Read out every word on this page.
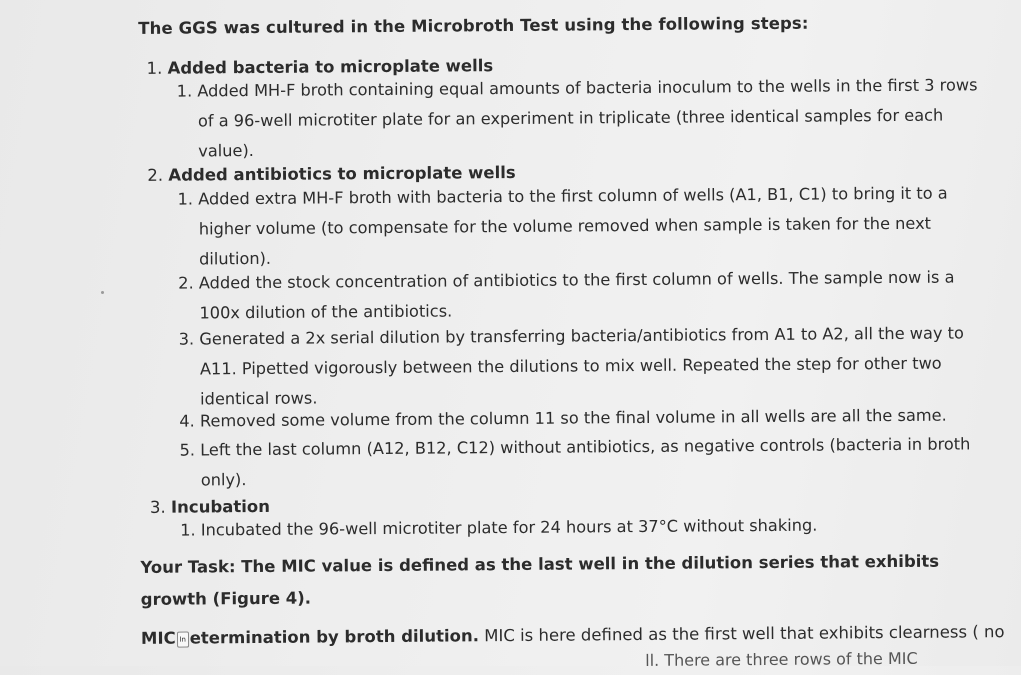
The GGS was cultured in the Microbroth Test using the following steps:
1. Added bacteria to microplate wells
1. Added MH-F broth containing equal amounts of bacteria inoculum to the wells in the first 3 rows of a 96-well microtiter plate for an experiment in triplicate (three identical samples for each value).
2. Added antibiotics to microplate wells
1. Added extra MH-F broth with bacteria to the first column of wells (A1, B1, C1) to bring it to a higher volume (to compensate for the volume removed when sample is taken for the next dilution).
2. Added the stock concentration of antibiotics to the first column of wells. The sample now is a 100x dilution of the antibiotics.
3. Generated a 2x serial dilution by transferring bacteria/antibiotics from A1 to A2, all the way to A11. Pipetted vigorously between the dilutions to mix well. Repeated the step for other two identical rows.
4. Removed some volume from the column 11 so the final volume in all wells are all the same.
5. Left the last column (A12, B12, C12) without antibiotics, as negative controls (bacteria in broth only).
3. Incubation
1. Incubated the 96-well microtiter plate for 24 hours at 37°C without shaking.
Your Task: The MIC value is defined as the last well in the dilution series that exhibits growth (Figure 4).
MIC In etermination by broth dilution. MIC is here defined as the first well that exhibits clearness ( no
ll. There are three rows of the MIC
